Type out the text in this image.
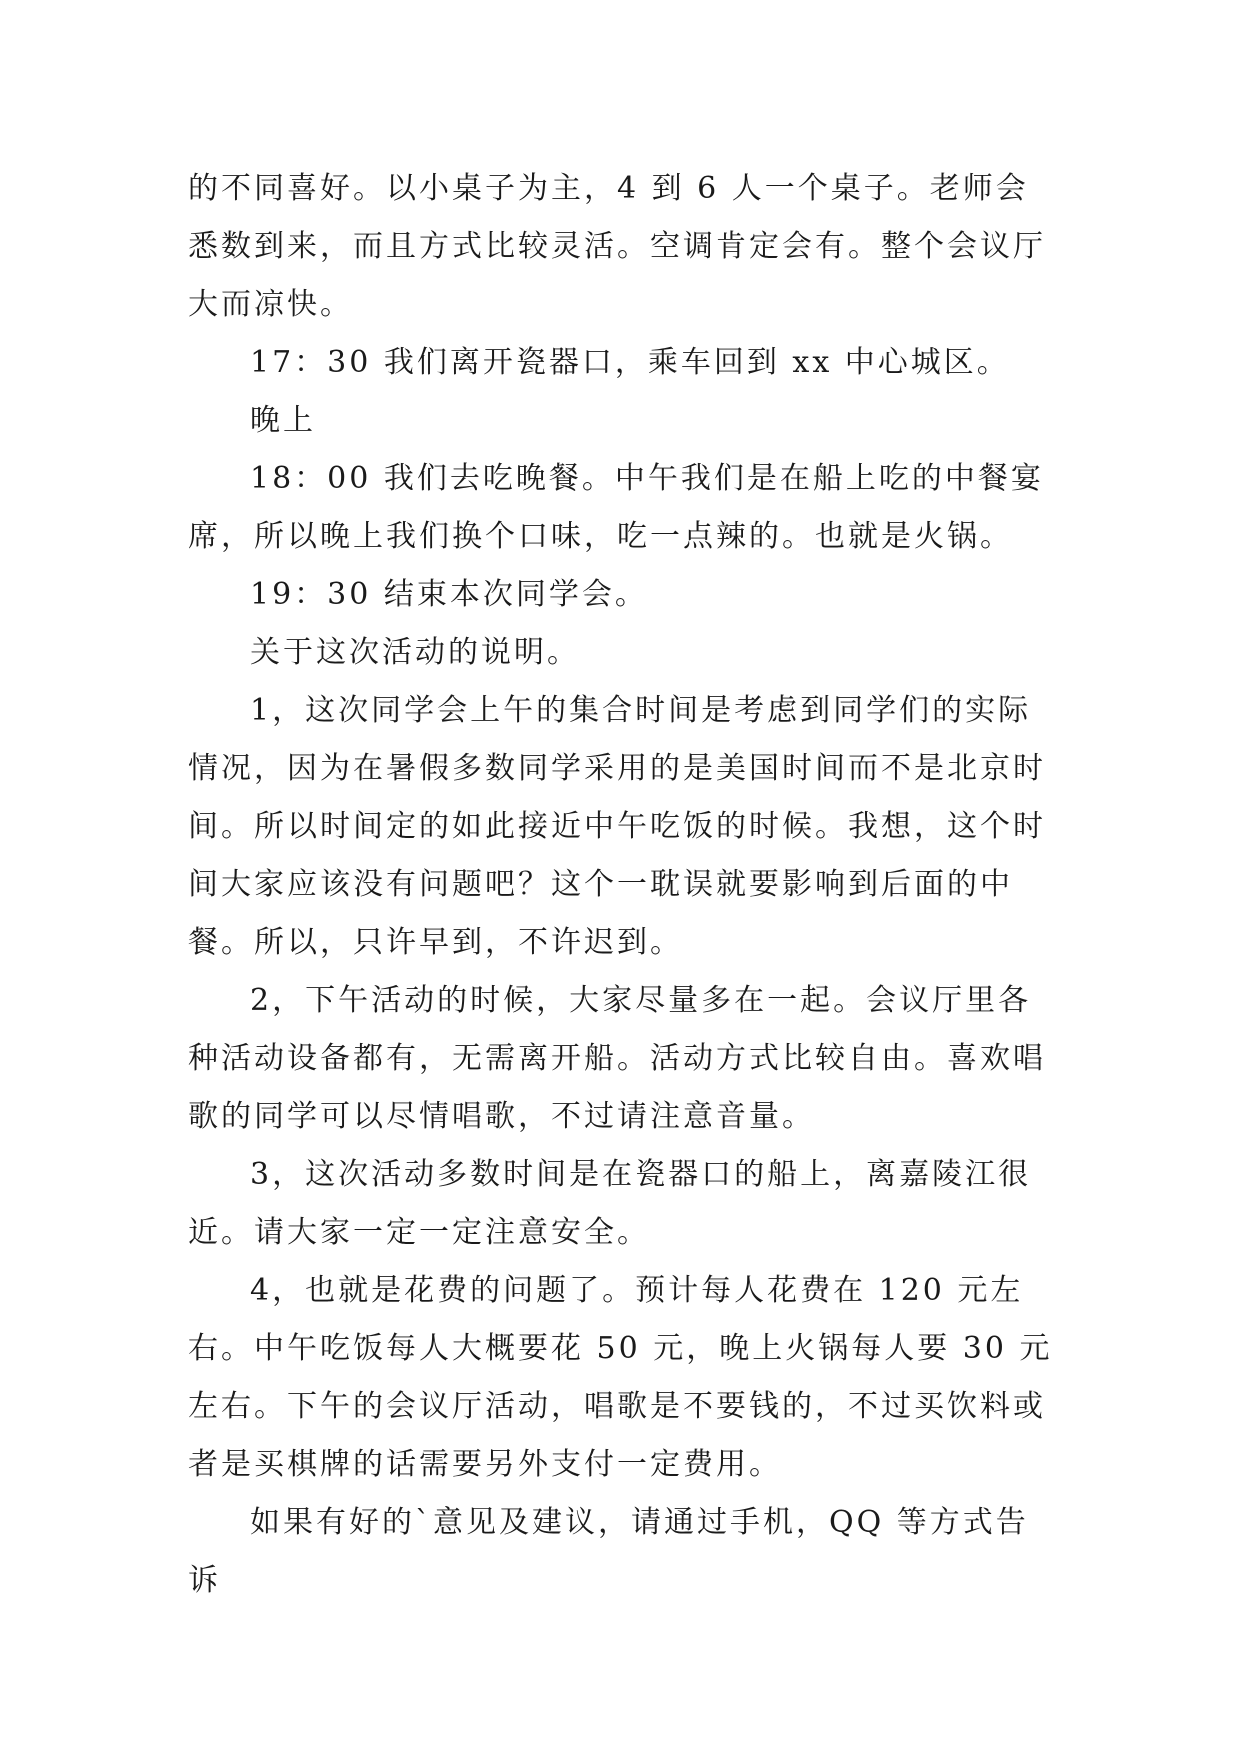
的不同喜好。以小桌子为主，4 到 6 人一个桌子。老师会悉数到来，而且方式比较灵活。空调肯定会有。整个会议厅大而凉快。

17：30 我们离开瓷器口，乘车回到 xx 中心城区。

晚上

18：00 我们去吃晚餐。中午我们是在船上吃的中餐宴席，所以晚上我们换个口味，吃一点辣的。也就是火锅。

19：30 结束本次同学会。

关于这次活动的说明。

1，这次同学会上午的集合时间是考虑到同学们的实际情况，因为在暑假多数同学采用的是美国时间而不是北京时间。所以时间定的如此接近中午吃饭的时候。我想，这个时间大家应该没有问题吧？这个一耽误就要影响到后面的中餐。所以，只许早到，不许迟到。

2，下午活动的时候，大家尽量多在一起。会议厅里各种活动设备都有，无需离开船。活动方式比较自由。喜欢唱歌的同学可以尽情唱歌，不过请注意音量。

3，这次活动多数时间是在瓷器口的船上，离嘉陵江很近。请大家一定一定注意安全。

4，也就是花费的问题了。预计每人花费在 120 元左右。中午吃饭每人大概要花 50 元，晚上火锅每人要 30 元左右。下午的会议厅活动，唱歌是不要钱的，不过买饮料或者是买棋牌的话需要另外支付一定费用。

如果有好的`意见及建议，请通过手机，QQ 等方式告诉
